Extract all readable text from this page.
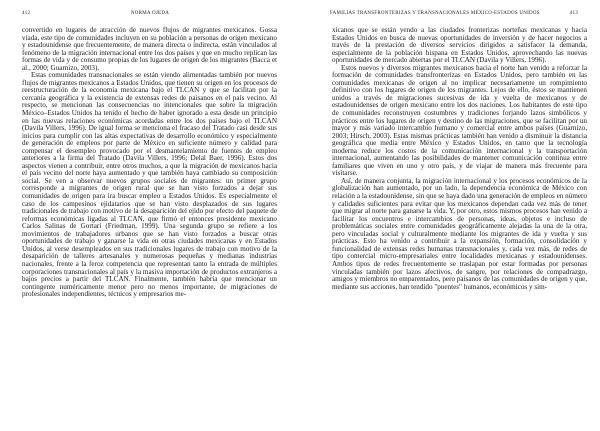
412	NORMA OJEDA

convertido en lugares de atracción de nuevos flujos de migrantes mexicanos. Gossa viada, este tipo de comunidades incluyen en su población a personas de origen mexicano y estadounidense que frecuentemente, de manera directa o indirecta, están vinculados al fenómeno de la migración internacional entre los dos países y que en mucho replican las formas de vida y de consumo propias de los lugares de origen de los migrantes (Bacca et al., 2000; Guarnizo, 2003).

Estas comunidades transnacionales se están viendo alimentadas también por nuevos flujos de migrantes mexicanos a Estados Unidos, que tienen su origen en los procesos de reestructuración de la economía mexicana bajo el TLCAN y que se facilitan por la cercanía geográfica y la existencia de extensas redes de paisanos en el país vecino. Al respecto, se mencionan las consecuencias no intencionales que sobre la migración México–Estados Unidos ha tenido el hecho de haber ignorado a esta desde un principio en las nuevas relaciones económicas acordadas entre los dos países bajo el TLCAN (Davila Villers, 1996). De igual forma se menciona el fracaso del Tratado casi desde sus inicios para cumplir con las altas expectativas de desarrollo económico y especialmente de generación de empleos por parte de México en suficiente número y calidad para compensar el desempleo provocado por el desmantelamiento de fuentes de empleo anteriores a la firma del Tratado (Davila Villers, 1996; Delal Baer, 1996). Estos dos aspectos vienen a contribuir, entre otros muchos, a que la migración de mexicanos hacia el país vecino del norte haya aumentado y que también haya cambiado su composición social. Se ven a observar nuevos grupos sociales de migrantes: un primer grupo corresponde a migrantes de origen rural que se han visto forzados a dejar sus comunidades de origen para ira buscar empleo a Estados Unidos. Es especialmente el caso de los campesinos ejidatarios que se han visto desplazados de sus lugares tradicionales de trabajo con motivo de la desaparición del ejido por efecto del paquete de reformas económicas ligadas al TLCAN, que firmó el entonces presidente mexicano Carlos Salinas de Gortari (Friedman, 1999). Una segunda grupo se refiere a los movimientos de trabajadores urbanos que se han visto forzados a buscar otras oportunidades de trabajo y ganarse la vida en otras ciudades mexicanas y en Estados Unidos, al verse desempleados en sus tradicionales lugares de trabajo con motivo de la desaparición de talleres artesanales y numerosas pequeñas y medianas industrias nacionales, frente a la feroz competencia que representan tanto la entrada de múltiples corporaciones transnacionales al país y la masiva importación de productos extranjeros a bajos precios a partir del TLCAN. Finalmente, también habría que mencionar un contingente numéricamente menor pero no menos importante, de migraciones de profesionales independientes, técnicos y empresarios me-

FAMILIAS TRANSFRONTERIZAS Y TRANSNACIONALES MÉXICO-ESTADOS UNIDOS	413

xicanos que se están yendo a las ciudades fronterizas norteñas mexicanas y hacia Estados Unidos en busca de nuevas oportunidades de inversión y de hacer negocios a través de la prestación de diversos servicios dirigidos a satisfacer la demanda, especialmente de la población hispana en Estados Unidos, aprovechando las nuevas oportunidades de mercado abiertas por el TLCAN (Davila y Villers, 1996).

Estos nuevos y diversos migrantes mexicanos hacia el norte han venido a reforzar la formación de comunidades transfronterizas en Estados Unidos, pero también en las comunidades mexicanas de origen al no implicar necesariamente un rompimiento definitivo con los lugares de origen de los migrantes. Lejos de ello, éstos se mantienen unidos a través de migraciones sucesivas de ida y vuelta de mexicanos y de estadounidenses de origen mexicano entre los dos naciones. Los habitantes de este tipo de comunidades reconstruyen costumbres y tradiciones forjando lazos simbólicos y prácticos entre los lugares de origen y destino de las migraciones, que se facilitan por un mayor y más variado intercambio humano y comercial entre ambos países (Guarnizo, 2003; Hirsch, 2003). Estas mismas prácticas también han venido a disminuir la distancia geográfica que media entre México y Estados Unidos, en tanto que la tecnología moderna reduce los costos de la comunicación internacional y la transportación internacional, aumentando las posibilidades de mantener comunicación continua entre familiares que viven en uno y otro país, y de viajar de manera más frecuente para visitarse.

Así, de manera conjunta, la migración internacional y los procesos económicos de la globalización han aumentado, por un lado, la dependencia económica de México con relación a la estadounidense, sin que se haya dado una generación de empleos en número y calidades suficientes para evitar que los mexicanos dependan cada vez más de tener que migrar al norte para ganarse la vida. Y, por otro, estos mismos procesos han venido a facilitar los encuentros e intercambios de personas, ideas, objetos e incluso de problemáticas sociales entre comunidades geográficamente alejadas la una de la otra, pero vinculadas social y culturalmente mediante los migrantes de ida y vuelta y sus prácticas. Esto ha venido a contribuir a la expansión, formación, consolidación y funcionalidad de extensas redes humanas transnacionales y, cada vez más, de redes de tipo comercial micro-empresariales entre localidades mexicanas y estadounidenses. Ambos tipos de redes frecuentemente se traslapan por estar formadas por personas vinculadas también por lazos afectivos, de sangre, por relaciones de compadrazgo, amigos y miembros no emparentados, pero paisanos de las comunidades de origen y que, mediante sus acciones, han tendido "puentes" humanos, económicos y sim-
